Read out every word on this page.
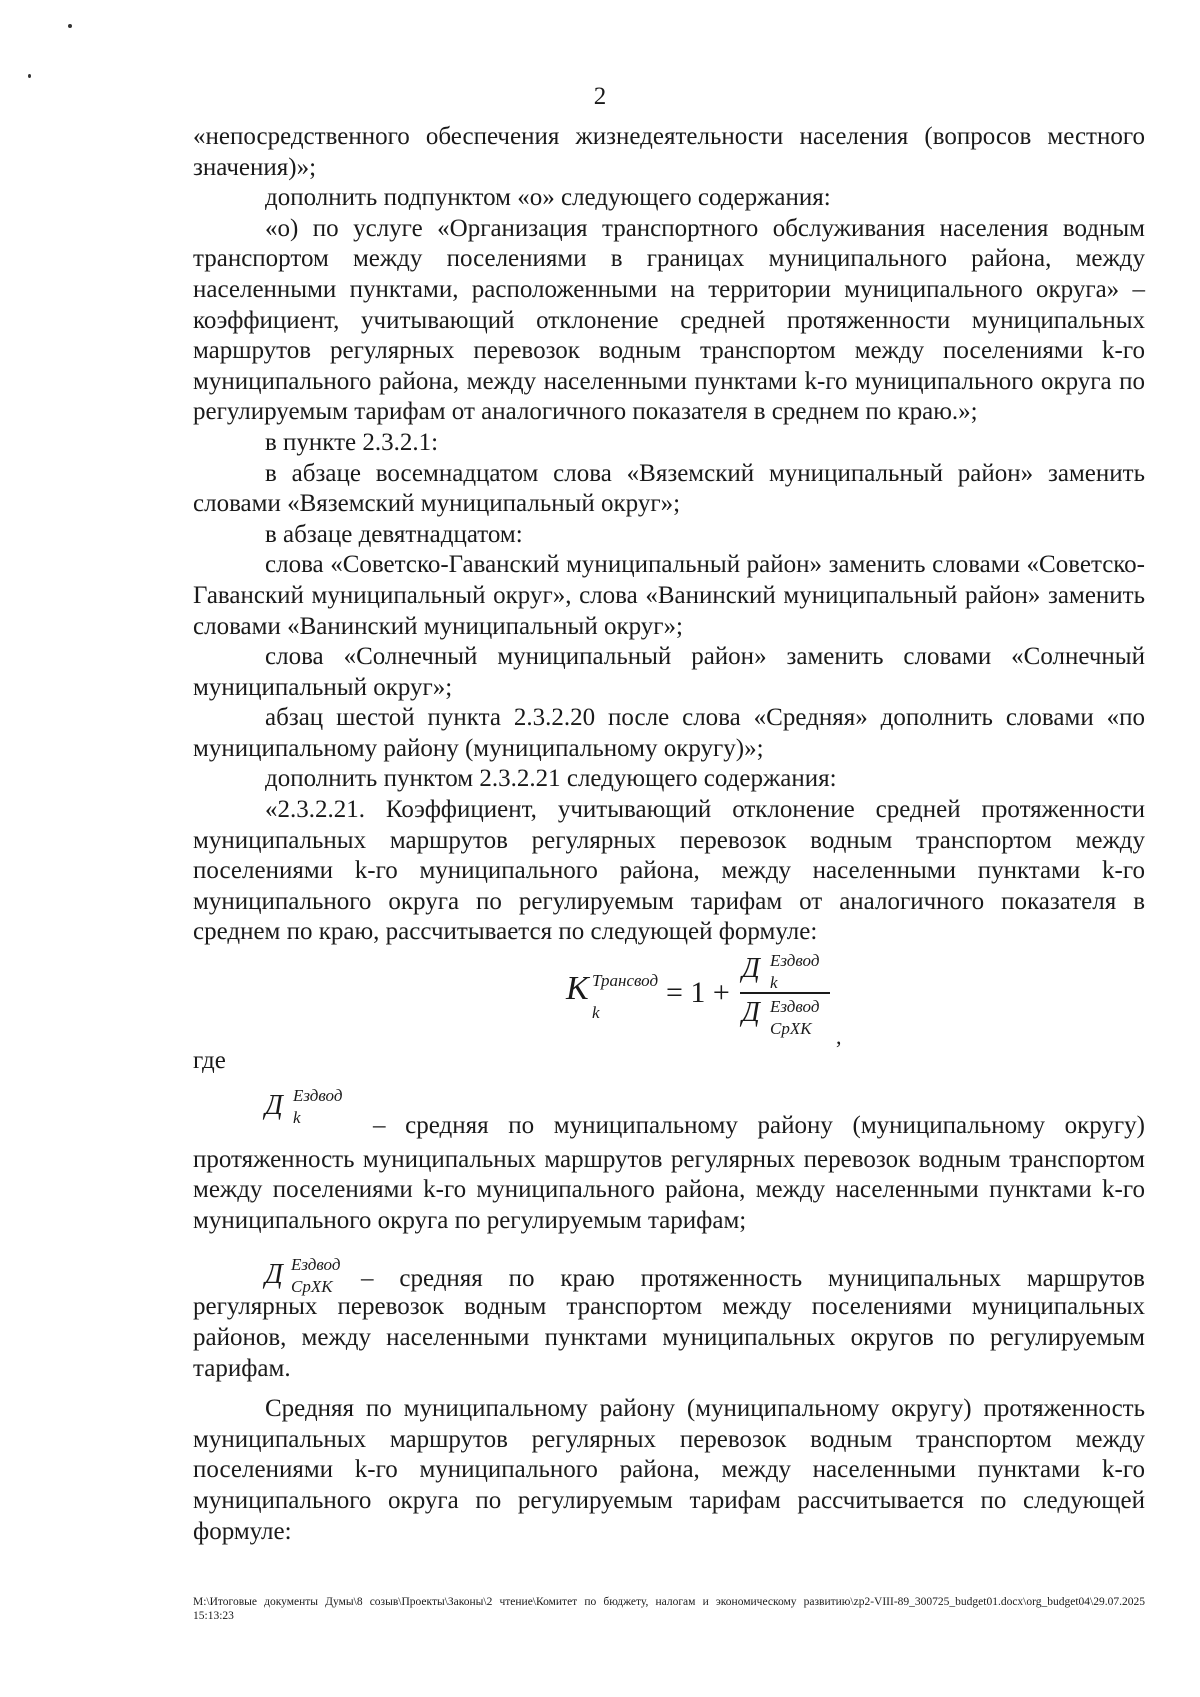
2

«непосредственного обеспечения жизнедеятельности населения (вопросов местного значения)»;

дополнить подпунктом «о» следующего содержания:

«о) по услуге «Организация транспортного обслуживания населения водным транспортом между поселениями в границах муниципального района, между населенными пунктами, расположенными на территории муниципального округа» – коэффициент, учитывающий отклонение средней протяженности муниципальных маршрутов регулярных перевозок водным транспортом между поселениями k-го муниципального района, между населенными пунктами k-го муниципального округа по регулируемым тарифам от аналогичного показателя в среднем по краю.»;

в пункте 2.3.2.1:

в абзаце восемнадцатом слова «Вяземский муниципальный район» заменить словами «Вяземский муниципальный округ»;

в абзаце девятнадцатом:

слова «Советско-Гаванский муниципальный район» заменить словами «Советско-Гаванский муниципальный округ», слова «Ванинский муниципальный район» заменить словами «Ванинский муниципальный округ»;

слова «Солнечный муниципальный район» заменить словами «Солнечный муниципальный округ»;

абзац шестой пункта 2.3.2.20 после слова «Средняя» дополнить словами «по муниципальному району (муниципальному округу)»;

дополнить пунктом 2.3.2.21 следующего содержания:

«2.3.2.21. Коэффициент, учитывающий отклонение средней протяженности муниципальных маршрутов регулярных перевозок водным транспортом между поселениями k-го муниципального района, между населенными пунктами k-го муниципального округа по регулируемым тарифам от аналогичного показателя в среднем по краю, рассчитывается по следующей формуле:

K Трансвод
k
= 1 +
Д Ездвод
k
Д Ездвод
СрХК ,

где

Д Ездвод
k	– средняя по муниципальному району (муниципальному округу)

протяженность муниципальных маршрутов регулярных перевозок водным транспортом между поселениями k-го муниципального района, между населенными пунктами k-го муниципального округа по регулируемым тарифам;

Д Ездвод
СрХК – средняя по краю протяженность муниципальных маршрутов

регулярных перевозок водным транспортом между поселениями муниципальных районов, между населенными пунктами муниципальных округов по регулируемым тарифам.

Средняя по муниципальному району (муниципальному округу) протяженность муниципальных маршрутов регулярных перевозок водным транспортом между поселениями k-го муниципального района, между населенными пунктами k-го муниципального округа по регулируемым тарифам рассчитывается по следующей формуле:

M:\Итоговые документы Думы\8 созыв\Проекты\Законы\2 чтение\Комитет по бюджету, налогам и экономическому развитию\zp2-VIII-89_300725_budget01.docx\org_budget04\29.07.2025 15:13:23
